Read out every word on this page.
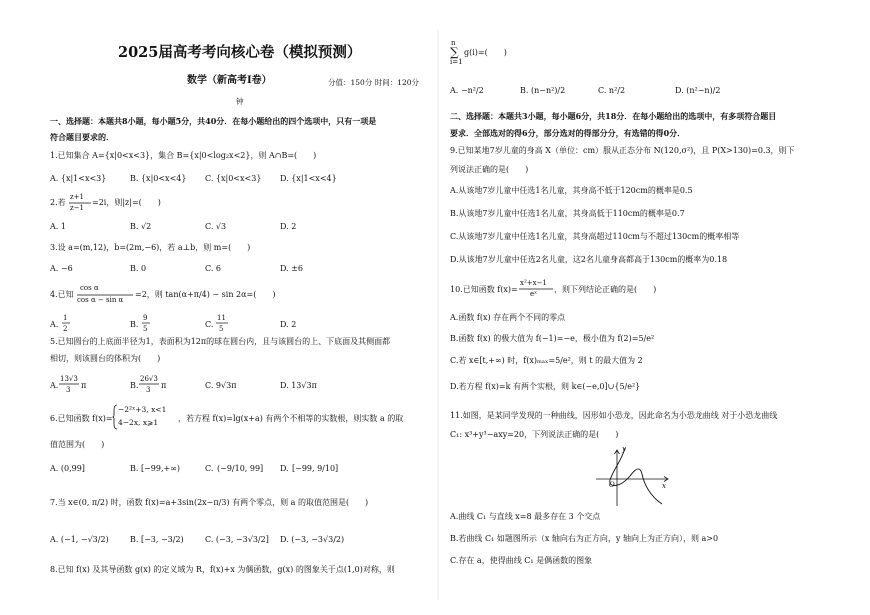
2025届高考考向核心卷（模拟预测）
数学（新高考Ⅰ卷）	分值：150分 时间：120分
钟
一、选择题：本题共8小题，每小题5分，共40分．在每小题给出的四个选项中，只有一项是
符合题目要求的．
1.已知集合 A={x|0<x<3}，集合 B={x|0<log₂x<2}，则 A∩B=(　　)
A. {x|1<x<3}	B. {x|0<x<4} C. {x|0<x<3} D. {x|1<x<4}
2.若
z+1
z−1
=2i，则|z|=(　　)
A. 1	B. √2	C. √3	D. 2
3.设 a=(m,12)，b=(2m,−6)，若 a⊥b，则 m=(　　)
A. −6	B. 0	C. 6	D. ±6
4.已知
cos α
cos α − sin α
=2，则 tan(α+π/4) − sin 2α=(　　)
A.
1
2	B.
9
5	C.
11
5	D. 2
5.已知圆台的上底面半径为1，表面积为12π的球在圆台内，且与该圆台的上、下底面及其侧面都
相切，则该圆台的体积为(　　)
A.
13√3
3 π	B.
26√3
3 π	C. 9√3π	D. 13√3π
6.已知函数 f(x)=
−2²ˣ+3, x<1
4−2x, x⩾1 ，若方程 f(x)=lg(x+a) 有两个不相等的实数根，则实数 a 的取
值范围为(　　)
A. (0,99]	B. [−99,+∞)	C. (−9/10, 99] D. [−99, 9/10]
7.当 x∈(0, π/2) 时，函数 f(x)=a+3sin(2x−π/3) 有两个零点，则 a 的取值范围是(　　)
A. (−1, −√3/2)	B. [−3, −3/2)	C. (−3, −3√3/2] D. (−3, −3√3/2)
8.已知 f(x) 及其导函数 g(x) 的定义域为 R，f(x)+x 为偶函数，g(x) 的图象关于点(1,0)对称，则
n
∑
i=1
g(i)=(　　)
A. −n²/2	B. (n−n²)/2	C. n²/2	D. (n²−n)/2
二、选择题：本题共3小题，每小题6分，共18分．在每小题给出的选项中，有多项符合题目
要求．全部选对的得6分，部分选对的得部分分，有选错的得0分．
9.已知某地7岁儿童的身高 X（单位：cm）服从正态分布 N(120,σ²)，且 P(X>130)=0.3，则下
列说法正确的是(　　)
A.从该地7岁儿童中任选1名儿童，其身高不低于120cm的概率是0.5
B.从该地7岁儿童中任选1名儿童，其身高低于110cm的概率是0.7
C.从该地7岁儿童中任选1名儿童，其身高超过110cm与不超过130cm的概率相等
D.从该地7岁儿童中任选2名儿童，这2名儿童身高都高于130cm的概率为0.18
10.已知函数 f(x)=
x²+x−1
eˣ ，则下列结论正确的是(　　)
A.函数 f(x) 存在两个不同的零点
B.函数 f(x) 的极大值为 f(−1)=−e，极小值为 f(2)=5/e²
C.若 x∈[t,+∞) 时，f(x)ₘₐₓ=5/e²，则 t 的最大值为 2
D.若方程 f(x)=k 有两个实根，则 k∈(−e,0]∪{5/e²}
11.如图，是某同学发现的一种曲线，因形如小恐龙，因此命名为小恐龙曲线 对于小恐龙曲线
C₁: x³+y³−axy=20，下列说法正确的是(　　)
y
O	x
A.曲线 C₁ 与直线 x=8 最多存在 3 个交点
B.若曲线 C₁ 如题图所示（x 轴向右为正方向，y 轴向上为正方向），则 a>0
C.存在 a，使得曲线 C₁ 是偶函数的图象
